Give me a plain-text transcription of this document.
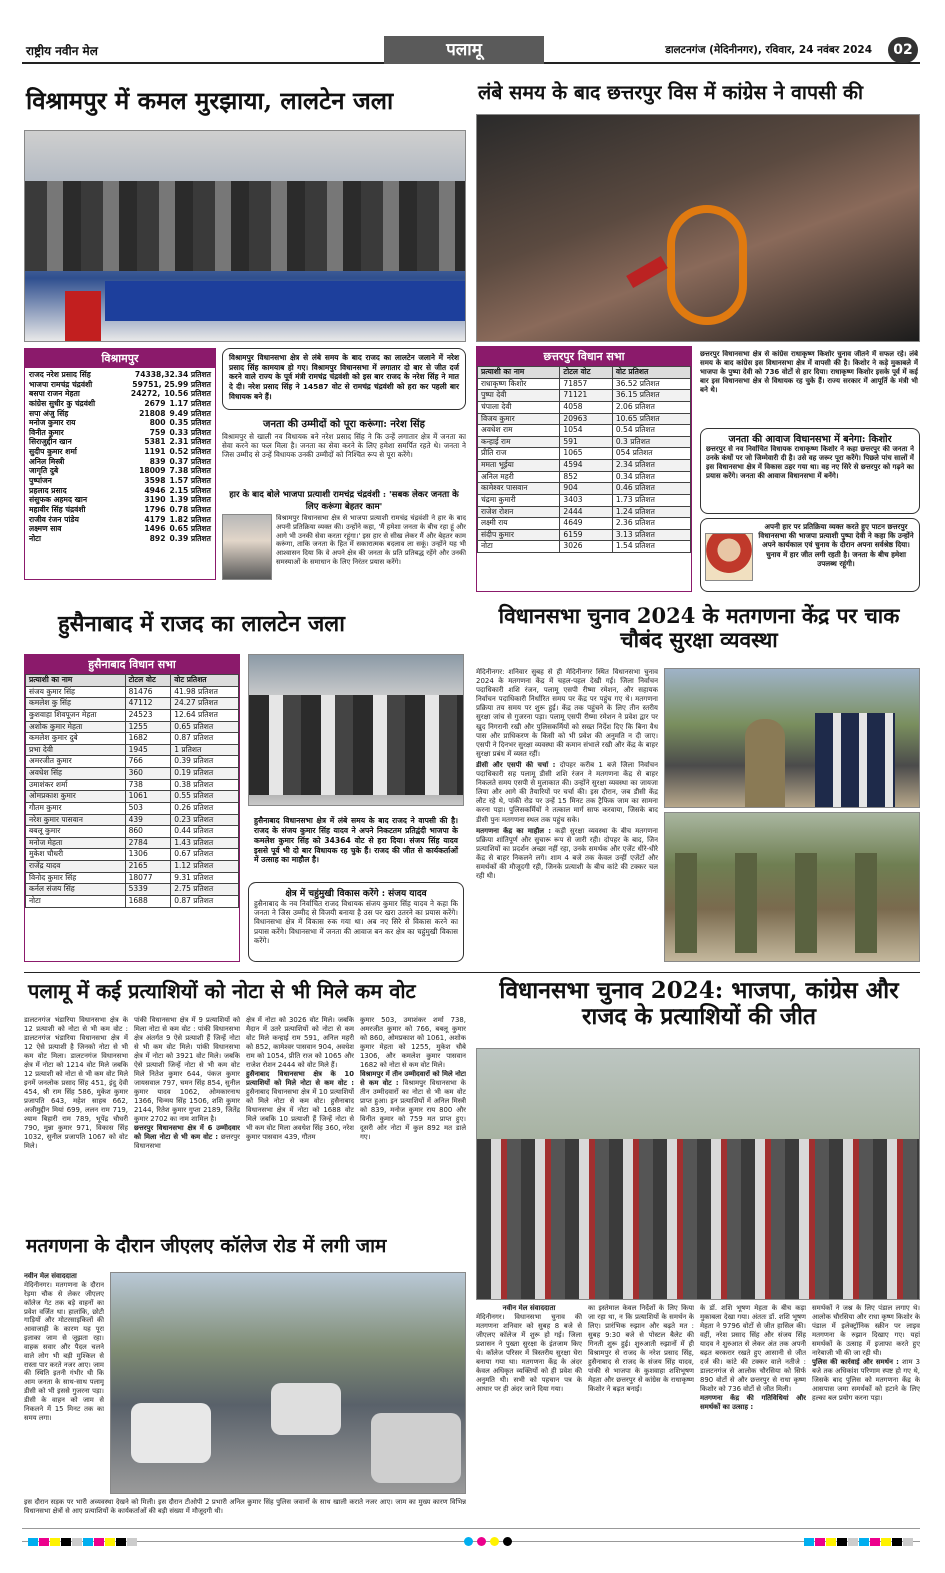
राष्ट्रीय नवीन मेल	पलामू	डालटनगंज (मेदिनीनगर), रविवार, 24 नवंबर 2024	02
विश्रामपुर में कमल मुरझाया, लालटेन जला
विश्रामपुर
राजद नरेश प्रसाद सिंह	74338,32.34 प्रतिशत
भाजपा रामचंद्र चंद्रवंशी	59751, 25.99 प्रतिशत
बसपा राजन मेहता	24272, 10.56 प्रतिशत
कांग्रेस सुधीर कु चंद्रवंशी	2679 1.17 प्रतिशत
सपा अंजु सिंह	21808 9.49 प्रतिशत
मनोज कुमार राय	800 0.35 प्रतिशत
विनीत कुमार	759 0.33 प्रतिशत
सिराजुद्दीन खान	5381 2.31 प्रतिशत
सुदीप कुमार शर्मा	1191 0.52 प्रतिशत
अनिल मिस्त्री	839 0.37 प्रतिशत
जागृति दुबे	18009 7.38 प्रतिशत
पुष्पांजन	3598 1.57 प्रतिशत
प्रहलाद प्रसाद	4946 2.15 प्रतिशत
संसुफक अहमद खान	3190 1.39 प्रतिशत
महावीर सिंह चंद्रवंशी	1796 0.78 प्रतिशत
राजीव रंजन पांडेय	4179 1.82 प्रतिशत
लक्ष्मण साव	1496 0.65 प्रतिशत
नोटा	892 0.39 प्रतिशत
विश्रामपुर विधानसभा क्षेत्र से लंबे समय के बाद राजद का लालटेन जलाने में नरेश प्रसाद सिंह कामयाब हो गए। विश्रामपुर विधानसभा में लगातार दो बार से जीत दर्ज करने वाले राज्य के पूर्व मंत्री रामचंद्र चंद्रवंशी को इस बार राजद के नरेश सिंह ने मात दे दी। नरेश प्रसाद सिंह ने 14587 वोट से रामचंद्र चंद्रवंशी को हरा कर पहली बार विधायक बने हैं।
जनता की उम्मीदों को पूरा करूंगा: नरेश सिंह
विश्रामपुर से खाली नव विधायक बने नरेश प्रसाद सिंह ने कि उन्हें लगातार क्षेत्र में जनता का सेवा करने का फल मिला है। जनता का सेवा करने के लिए हमेशा समर्पित रहते थे। जनता ने जिस उम्मीद से उन्हें विधायक उनकी उम्मीदों को निश्चित रूप से पूरा करेंगे।
हार के बाद बोले भाजपा प्रत्याशी रामचंद्र चंद्रवंशी : 'सबक लेकर जनता के लिए करूंगा बेहतर काम'
विश्रामपुर विधानसभा क्षेत्र से भाजपा प्रत्याशी रामचंद्र चंद्रवंशी ने हार के बाद अपनी प्रतिक्रिया व्यक्त की। उन्होंने कहा, 'मैं हमेशा जनता के बीच रहा हूं और आगे भी उनकी सेवा करता रहूंगा।' इस हार से सीख लेकर मैं और बेहतर काम करूंगा, ताकि जनता के हित में सकारात्मक बदलाव ला सकूं। उन्होंने यह भी आश्वासन दिया कि वे अपने क्षेत्र की जनता के प्रति प्रतिबद्ध रहेंगे और उनकी समस्याओं के समाधान के लिए निरंतर प्रयास करेंगे।
लंबे समय के बाद छत्तरपुर विस में कांग्रेस ने वापसी की
छत्तरपुर विधान सभा
प्रत्याशी का नाम	टोटल वोट	वोट प्रतिशत
राधाकृष्ण किशोर	71857	36.52 प्रतिशत
पुष्पा देवी	71121	36.15 प्रतिशत
चंपाला देवी	4058	2.06 प्रतिशत
विजय कुमार	20963	10.65 प्रतिशत
अवधेश राम	1054	0.54 प्रतिशत
कन्हाई राम	591	0.3 प्रतिशत
प्रीति राज	1065	054 प्रतिशत
ममता भूईया	4594	2.34 प्रतिशत
अनिल महरी	852	0.34 प्रतिशत
कामेश्वर पासवान	904	0.46 प्रतिशत
चंद्रमा कुमारी	3403	1.73 प्रतिशत
राजेश रोशन	2444	1.24 प्रतिशत
लक्ष्मी राय	4649	2.36 प्रतिशत
संदीप कुमार	6159	3.13 प्रतिशत
नोटा	3026	1.54 प्रतिशत
छत्तरपुर विधानसभा क्षेत्र से कांग्रेस राधाकृष्ण किशोर चुनाव जीतने में सफल रहे। लंबे समय के बाद कांग्रेस इस विधानसभा क्षेत्र में वापसी की है। किशोर ने कड़े मुकाबले में भाजपा के पुष्पा देवी को 736 वोटों से हार दिया। राधाकृष्ण किशोर इसके पूर्व में कई बार इस विधानसभा क्षेत्र से विधायक रह चुके हैं। राज्य सरकार में आपूर्ति के मंत्री भी बने थे।
जनता की आवाज विधानसभा में बनेगा: किशोर
छत्तरपुर से नव निर्वाचित विधायक राधाकृष्ण किशोर ने कहा छत्तरपुर की जनता ने उनके कंधों पर जो जिम्मेवारी दी है। उसे वह जरूर पूरा करेंगे। पिछले पांच सालों में इस विधानसभा क्षेत्र में विकास ठहर गया था। वह नए सिरे से छत्तरपुर को गढ़ने का प्रयास करेंगे। जनता की आवाज विधानसभा में बनेंगे।
अपनी हार पर प्रतिक्रिया व्यक्त करते हुए पाटन छत्तरपुर विधानसभा की भाजपा प्रत्याशी पुष्पा देवी ने कहा कि उन्होंने अपने कार्यकाल एवं चुनाव के दौरान अपना सर्वश्रेष्ठ दिया। चुनाव में हार जीत लगी रहती है। जनता के बीच हमेशा उपलब्ध रहूंगी।
हुसैनाबाद में राजद का लालटेन जला
हुसैनाबाद विधान सभा
प्रत्याशी का नाम	टोटल वोट	वोट प्रतिशत
संजय कुमार सिंह	81476	41.98 प्रतिशत
कमलेश कु सिंह	47112	24.27 प्रतिशत
कुशवाहा शिवपूजन मेहता	24523	12.64 प्रतिशत
अशोक कुमार मेहता	1255	0.65 प्रतिशत
कमलेश कुमार दुबे	1682	0.87 प्रतिशत
प्रभा देवी	1945	1 प्रतिशत
अमरजीत कुमार	766	0.39 प्रतिशत
अवधेश सिंह	360	0.19 प्रतिशत
उमाशंकर शर्मा	738	0.38 प्रतिशत
ओमप्रकाश कुमार	1061	0.55 प्रतिशत
गौतम कुमार	503	0.26 प्रतिशत
नरेश कुमार पासवान	439	0.23 प्रतिशत
बबलू कुमार	860	0.44 प्रतिशत
मनोज मेहता	2784	1.43 प्रतिशत
मुकेश चौधरी	1306	0.67 प्रतिशत
राजेंद्र यादव	2165	1.12 प्रतिशत
विनोद कुमार सिंह	18077	9.31 प्रतिशत
कर्नल संजय सिंह	5339	2.75 प्रतिशत
नोटा	1688	0.87 प्रतिशत
हुसैनाबाद विधानसभा क्षेत्र में लंबे समय के बाद राजद ने वापसी की है। राजद के संजय कुमार सिंह यादव ने अपने निकटतम प्रतिद्वंदी भाजपा के कमलेश कुमार सिंह को 34364 वोट से हरा दिया। संजय सिंह यादव इससे पूर्व भी दो बार विधायक रह चुके हैं। राजद की जीत से कार्यकर्ताओं में उत्साह का माहौल है।
क्षेत्र में चहुंमुखी विकास करेंगे : संजय यादव
हुसैनाबाद के नव निर्वाचित राजद विधायक संजय कुमार सिंह यादव ने कहा कि जनता ने जिस उम्मीद से विजयी बनाया है उस पर खरा उतरने का प्रयास करेंगे। विधानसभा क्षेत्र में विकास रुक गया था। अब नए सिरे से विकास करने का प्रयास करेंगे। विधानसभा में जनता की आवाज बन कर क्षेत्र का चहुंमुखी विकास करेंगे।
विधानसभा चुनाव 2024 के मतगणना केंद्र पर चाक चौबंद सुरक्षा व्यवस्था
मेदिनीनगर: शनिवार सुबह से ही मेदिनीनगर स्थित विधानसभा चुनाव 2024 के मतगणना केंद्र में चहल-पहल देखी गई। जिला निर्वाचन पदाधिकारी शशि रंजन, पलामू एसपी रीष्मा रमेशन, और सहायक निर्वाचन पदाधिकारी निर्धारित समय पर केंद्र पर पहुंच गए थे। मतगणना प्रक्रिया तय समय पर शुरू हुई। केंद्र तक पहुंचने के लिए तीन स्तरीय सुरक्षा जांच से गुजरना पड़ा। पलामू एसपी रीष्मा रमेशन ने प्रवेश द्वार पर खुद निगरानी रखी और पुलिसकर्मियों को सख्त निर्देश दिए कि बिना वैध पास और प्राधिकरण के किसी को भी प्रवेश की अनुमति न दी जाए। एसपी ने दिनभर सुरक्षा व्यवस्था की कमान संभाले रखी और केंद्र के बाहर सुरक्षा प्रबंध में व्यस्त रहीं।
डीसी और एसपी की चर्चा : दोपहर करीब 1 बजे जिला निर्वाचन पदाधिकारी सह पलामू डीसी शशि रंजन ने मतगणना केंद्र से बाहर निकलते समय एसपी से मुलाकात की। उन्होंने सुरक्षा व्यवस्था का जायजा लिया और आगे की तैयारियों पर चर्चा की। इस दौरान, जब डीसी केंद्र लौट रहे थे, पांकी रोड पर उन्हें 15 मिनट तक ट्रैफिक जाम का सामना करना पड़ा। पुलिसकर्मियों ने तत्काल मार्ग साफ करवाया, जिसके बाद डीसी पुनः मतगणना स्थल तक पहुंच सके।
मतगणना केंद्र का माहौल : कड़ी सुरक्षा व्यवस्था के बीच मतगणना प्रक्रिया शांतिपूर्ण और सुचारू रूप से जारी रही। दोपहर के बाद, जिन प्रत्याशियों का प्रदर्शन अच्छा नहीं रहा, उनके समर्थक और एजेंट धीरे-धीरे केंद्र से बाहर निकलने लगे। शाम 4 बजे तक केवल उन्हीं एजेंटों और समर्थकों की मौजूदगी रही, जिनके प्रत्याशी के बीच कांटे की टक्कर चल रही थी।
पलामू में कई प्रत्याशियों को नोटा से भी मिले कम वोट
डालटनगंज भंडारिया विधानसभा क्षेत्र के 12 प्रत्याशी को नोटा से भी कम वोट : डालटनगंज भंडारिया विधानसभा क्षेत्र में 12 ऐसे प्रत्याशी है जिनको नोटा से भी कम वोट मिला। डालटनगंज विधानसभा क्षेत्र में नोटा को 1214 वोट मिले जबकि 12 प्रत्याशी को नोटा से भी कम वोट मिले इनमें जनलोक प्रसाद सिंह 451, इंदु देवी 454, श्री राम सिंह 586, मुकेश कुमार प्रजापति 643, महेश साहब 662, अजीमुद्दीन मियां 699, ललन राम 719, श्याम बिहारी राम 789, भूपेंद्र चौधरी 790, मुन्ना कुमार 971, विकास सिंह 1032, सुनील प्रजापति 1067 को वोट मिले।
पांकी विधानसभा क्षेत्र में 9 प्रत्याशियों को मिला नोटा से कम वोट : पांकी विधानसभा क्षेत्र अंतर्गत 9 ऐसे प्रत्याशी हैं जिन्हें नोटा से भी कम वोट मिले। पांकी विधानसभा क्षेत्र में नोटा को 3921 वोट मिले। जबकि ऐसे प्रत्याशी जिन्हें नोटा से भी कम वोट मिले नितेश कुमार 644, पंकज कुमार जायसवाल 797, चमन सिंह 854, सुनील कुमार यादव 1062, ओमकारनाथ 1366, चिन्मय सिंह 1506, शशि कुमार 2144, रितेश कुमार गुप्ता 2189, जितेंद्र कुमार 2702 का नाम शामिल है।
छत्तरपुर विधानसभा क्षेत्र में 6 उम्मीदवार को मिला नोटा से भी कम वोट : छत्तरपुर विधानसभा
क्षेत्र में नोटा को 3026 वोट मिले। जबकि मैदान में उतरे प्रत्याशियों को नोटा से कम वोट मिले कन्हाई राम 591, अनिल महरी को 852, कामेश्वर पासवान 904, अवधेश राम को 1054, प्रीति राज को 1065 और राजेश रोशन 2444 को वोट मिले हैं।
हुसैनाबाद विधानसभा क्षेत्र के 10 प्रत्याशियों को मिले नोटा से कम वोट : हुसैनाबाद विधानसभा क्षेत्र में 10 प्रत्याशियों को मिले नोटा से कम वोट। हुसैनाबाद विधानसभा क्षेत्र में नोटा को 1688 वोट मिले जबकि 10 प्रत्याशी हैं जिन्हें नोटा से भी कम वोट मिला अवधेश सिंह 360, नरेश कुमार पासवान 439, गौतम
कुमार 503, उमाशंकर शर्मा 738, अमरजीत कुमार को 766, बबलू कुमार को 860, ओमप्रकाश को 1061, अशोक कुमार मेहता को 1255, मुकेश चौबे 1306, और कमलेश कुमार पासवान 1682 को नोटा से कम वोट मिले।
विश्रामपुर में तीन उम्मीदवारों को मिले नोटा से कम वोट : विश्रामपुर विधानसभा के तीन उम्मीदवारों का नोटा से भी कम वोट प्राप्त हुआ। इन प्रत्याशियों में अनिल मिस्त्री को 839, मनोज कुमार राय 800 और विनीत कुमार को 759 मत प्राप्त हुए। दूसरी ओर नोटा में कुल 892 मत डाले गए।
मतगणना के दौरान जीएलए कॉलेज रोड में लगी जाम
नवीन मेल संवाददाता
मेदिनीनगर। मतगणना के दौरान रेड़मा चौक से लेकर जीएलए कॉलेज गेट तक बड़े वाहनों का प्रवेश वर्जित था। हालांकि, छोटी गाड़ियों और मोटरसाइकिलों की आवाजाही के कारण यह पूरा इलाका जाम से जूझता रहा। वाहक सवार और पैदल चलने वाले लोग भी बड़ी मुश्किल से रास्ता पार करते नजर आए। जाम की स्थिति इतनी गंभीर थी कि आम जनता के साथ-साथ पलामू डीसी को भी इससे गुजरना पड़ा। डीसी के वाहन को जाम से निकलने में 15 मिनट तक का समय लगा।
इस दौरान सड़क पर भारी अव्यवस्था देखने को मिली। इस दौरान टीओपी 2 प्रभारी अनिल कुमार सिंह पुलिस जवानों के साथ खाली कराते नजर आए। जाम का मुख्य कारण विभिन्न विधानसभा क्षेत्रों से आए प्रत्याशियों के कार्यकर्ताओं की बड़ी संख्या में मौजूदगी थी।
विधानसभा चुनाव 2024: भाजपा, कांग्रेस और राजद के प्रत्याशियों की जीत
नवीन मेल संवाददाता
मेदिनीनगर। विधानसभा चुनाव की मतगणना शनिवार को सुबह 8 बजे से जीएलए कॉलेज में शुरू हो गई। जिला प्रशासन ने पुख्ता सुरक्षा के इंतजाम किए थे। कॉलेज परिसर में त्रिस्तरीय सुरक्षा घेरा बनाया गया था। मतगणना केंद्र के अंदर केवल अधिकृत व्यक्तियों को ही प्रवेश की अनुमति थी। सभी को पहचान पत्र के आधार पर ही अंदर जाने दिया गया।
का इस्तेमाल केवल निर्देशों के लिए किया जा रहा था, न कि प्रत्याशियों के समर्थन के लिए। प्रारंभिक रुझान और बढ़ते मत : सुबह 9:30 बजे से पोस्टल बैलेट की गिनती शुरू हुई। शुरुआती रुझानों में ही विश्रामपुर से राजद के नरेश प्रसाद सिंह, हुसैनाबाद से राजद के संजय सिंह यादव, पांकी से भाजपा के कुशवाहा शशिभूषण मेहता और छत्तरपुर से कांग्रेस के राधाकृष्ण किशोर ने बढ़त बनाई।
के डॉ. शशि भूषण मेहता के बीच कड़ा मुकाबला देखा गया। अंततः डॉ. शशि भूषण मेहता ने 9796 वोटों से जीत हासिल की। वहीं, नरेश प्रसाद सिंह और संजय सिंह यादव ने शुरुआत से लेकर अंत तक अपनी बढ़त बरकरार रखते हुए आसानी से जीत दर्ज की। कांटे की टक्कर वाले नतीजे : डालटनगंज से आलोक चौरसिया को सिर्फ 890 वोटों से और छत्तरपुर से राधा कृष्ण किशोर को 736 वोटों से जीत मिली।
मतगणना केंद्र की गतिविधियां और समर्थकों का उत्साह :
समर्थकों ने जश्न के लिए पंडाल लगाए थे। आलोक चौरसिया और राधा कृष्ण किशोर के पंडाल में इलेक्ट्रॉनिक स्क्रीन पर लाइव मतगणना के रुझान दिखाए गए। यहां समर्थकों के उत्साह में इजाफा करते हुए नारेबाजी भी की जा रही थी।
पुलिस की कार्रवाई और समर्थन : शाम 3 बजे तक अधिकांश परिणाम स्पष्ट हो गए थे, जिसके बाद पुलिस को मतगणना केंद्र के आसपास जमा समर्थकों को हटाने के लिए हल्का बल प्रयोग करना पड़ा।
